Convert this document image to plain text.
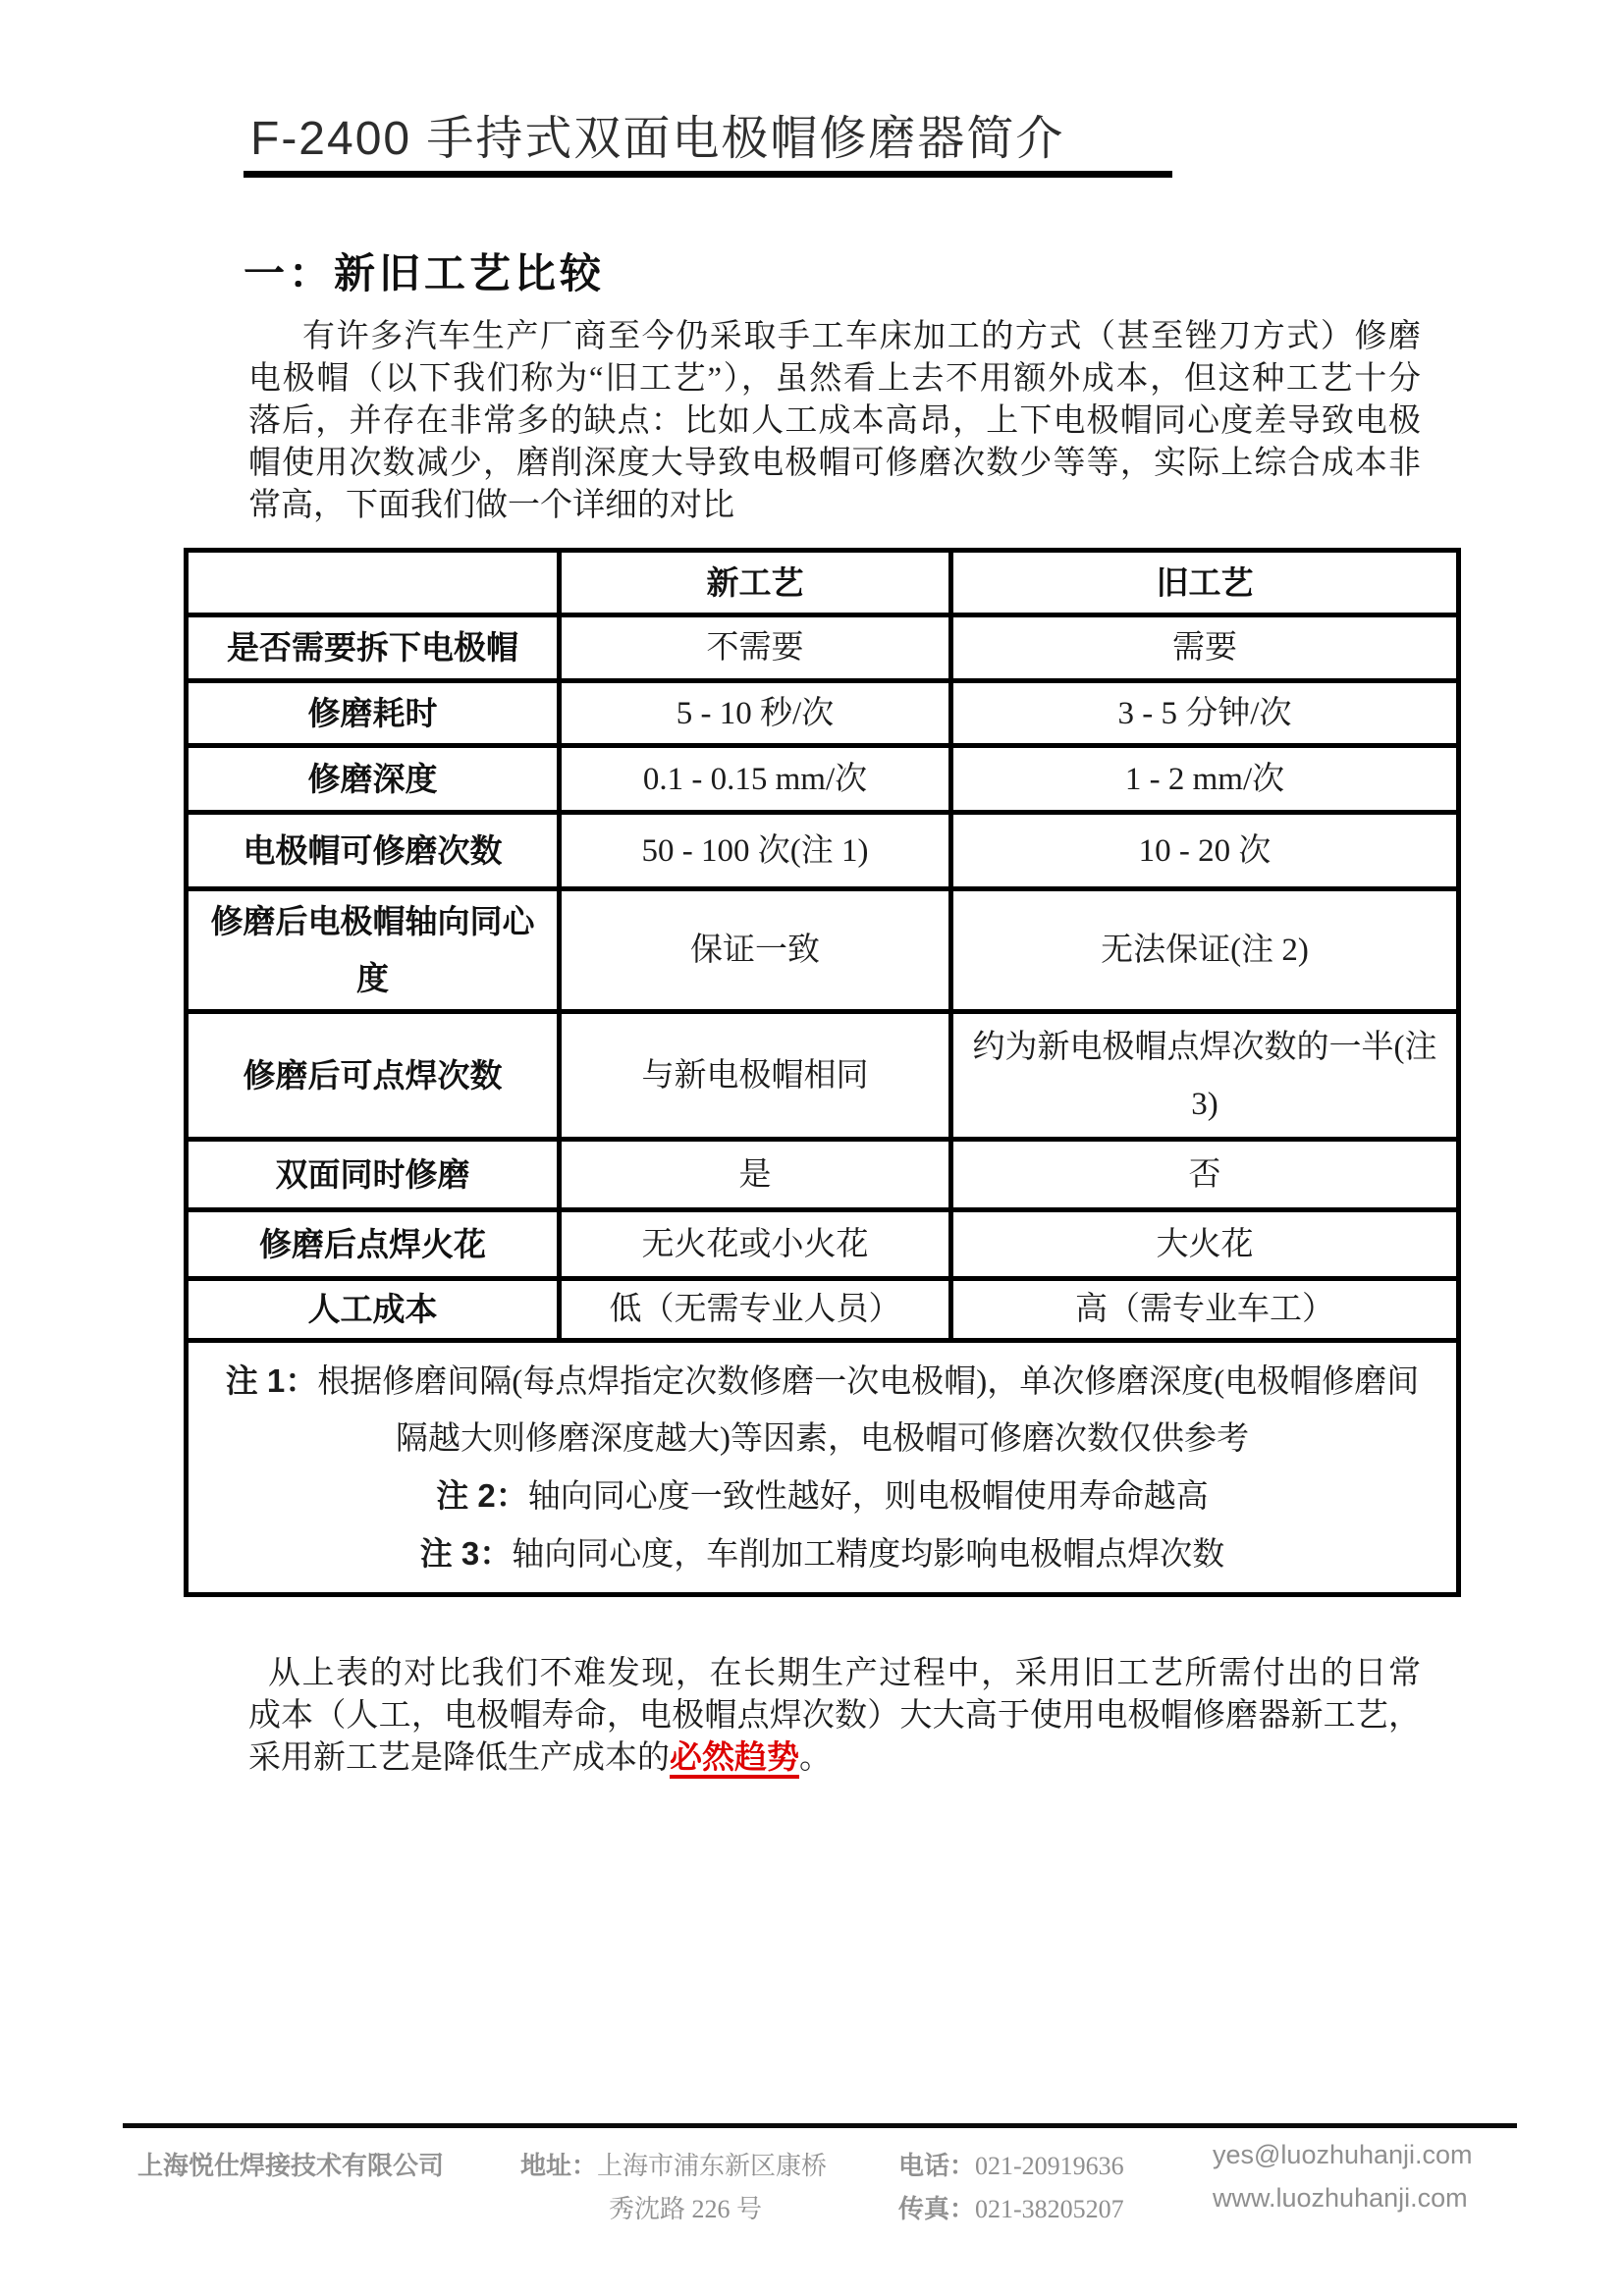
F-2400 手持式双面电极帽修磨器简介
一：新旧工艺比较
有许多汽车生产厂商至今仍采取手工车床加工的方式（甚至锉刀方式）修磨
电极帽（以下我们称为“旧工艺”），虽然看上去不用额外成本，但这种工艺十分
落后，并存在非常多的缺点：比如人工成本高昂，上下电极帽同心度差导致电极
帽使用次数减少，磨削深度大导致电极帽可修磨次数少等等，实际上综合成本非
常高，下面我们做一个详细的对比
	新工艺	旧工艺
是否需要拆下电极帽	不需要	需要
修磨耗时	5 - 10 秒/次	3 - 5 分钟/次
修磨深度	0.1 - 0.15 mm/次	1 - 2 mm/次
电极帽可修磨次数	50 - 100 次(注 1)	10 - 20 次

修磨后电极帽轴向同心
度	保证一致	无法保证(注 2)
修磨后可点焊次数	与新电极帽相同	约为新电极帽点焊次数的一半(注
3)

双面同时修磨	是	否
修磨后点焊火花	无火花或小火花	大火花
人工成本	低（无需专业人员）	高（需专业车工）

注 1：根据修磨间隔(每点焊指定次数修磨一次电极帽)，单次修磨深度(电极帽修磨间

隔越大则修磨深度越大)等因素，电极帽可修磨次数仅供参考

注 2：轴向同心度一致性越好，则电极帽使用寿命越高

注 3：轴向同心度，车削加工精度均影响电极帽点焊次数		

从上表的对比我们不难发现，在长期生产过程中，采用旧工艺所需付出的日常
成本（人工，电极帽寿命，电极帽点焊次数）大大高于使用电极帽修磨器新工艺，
采用新工艺是降低生产成本的必然趋势。
上海悦仕焊接技术有限公司	地址：上海市浦东新区康桥
秀沈路 226 号
电话：021-20919636
传真：021-38205207
yes@luozhuhanji.com
www.luozhuhanji.com
